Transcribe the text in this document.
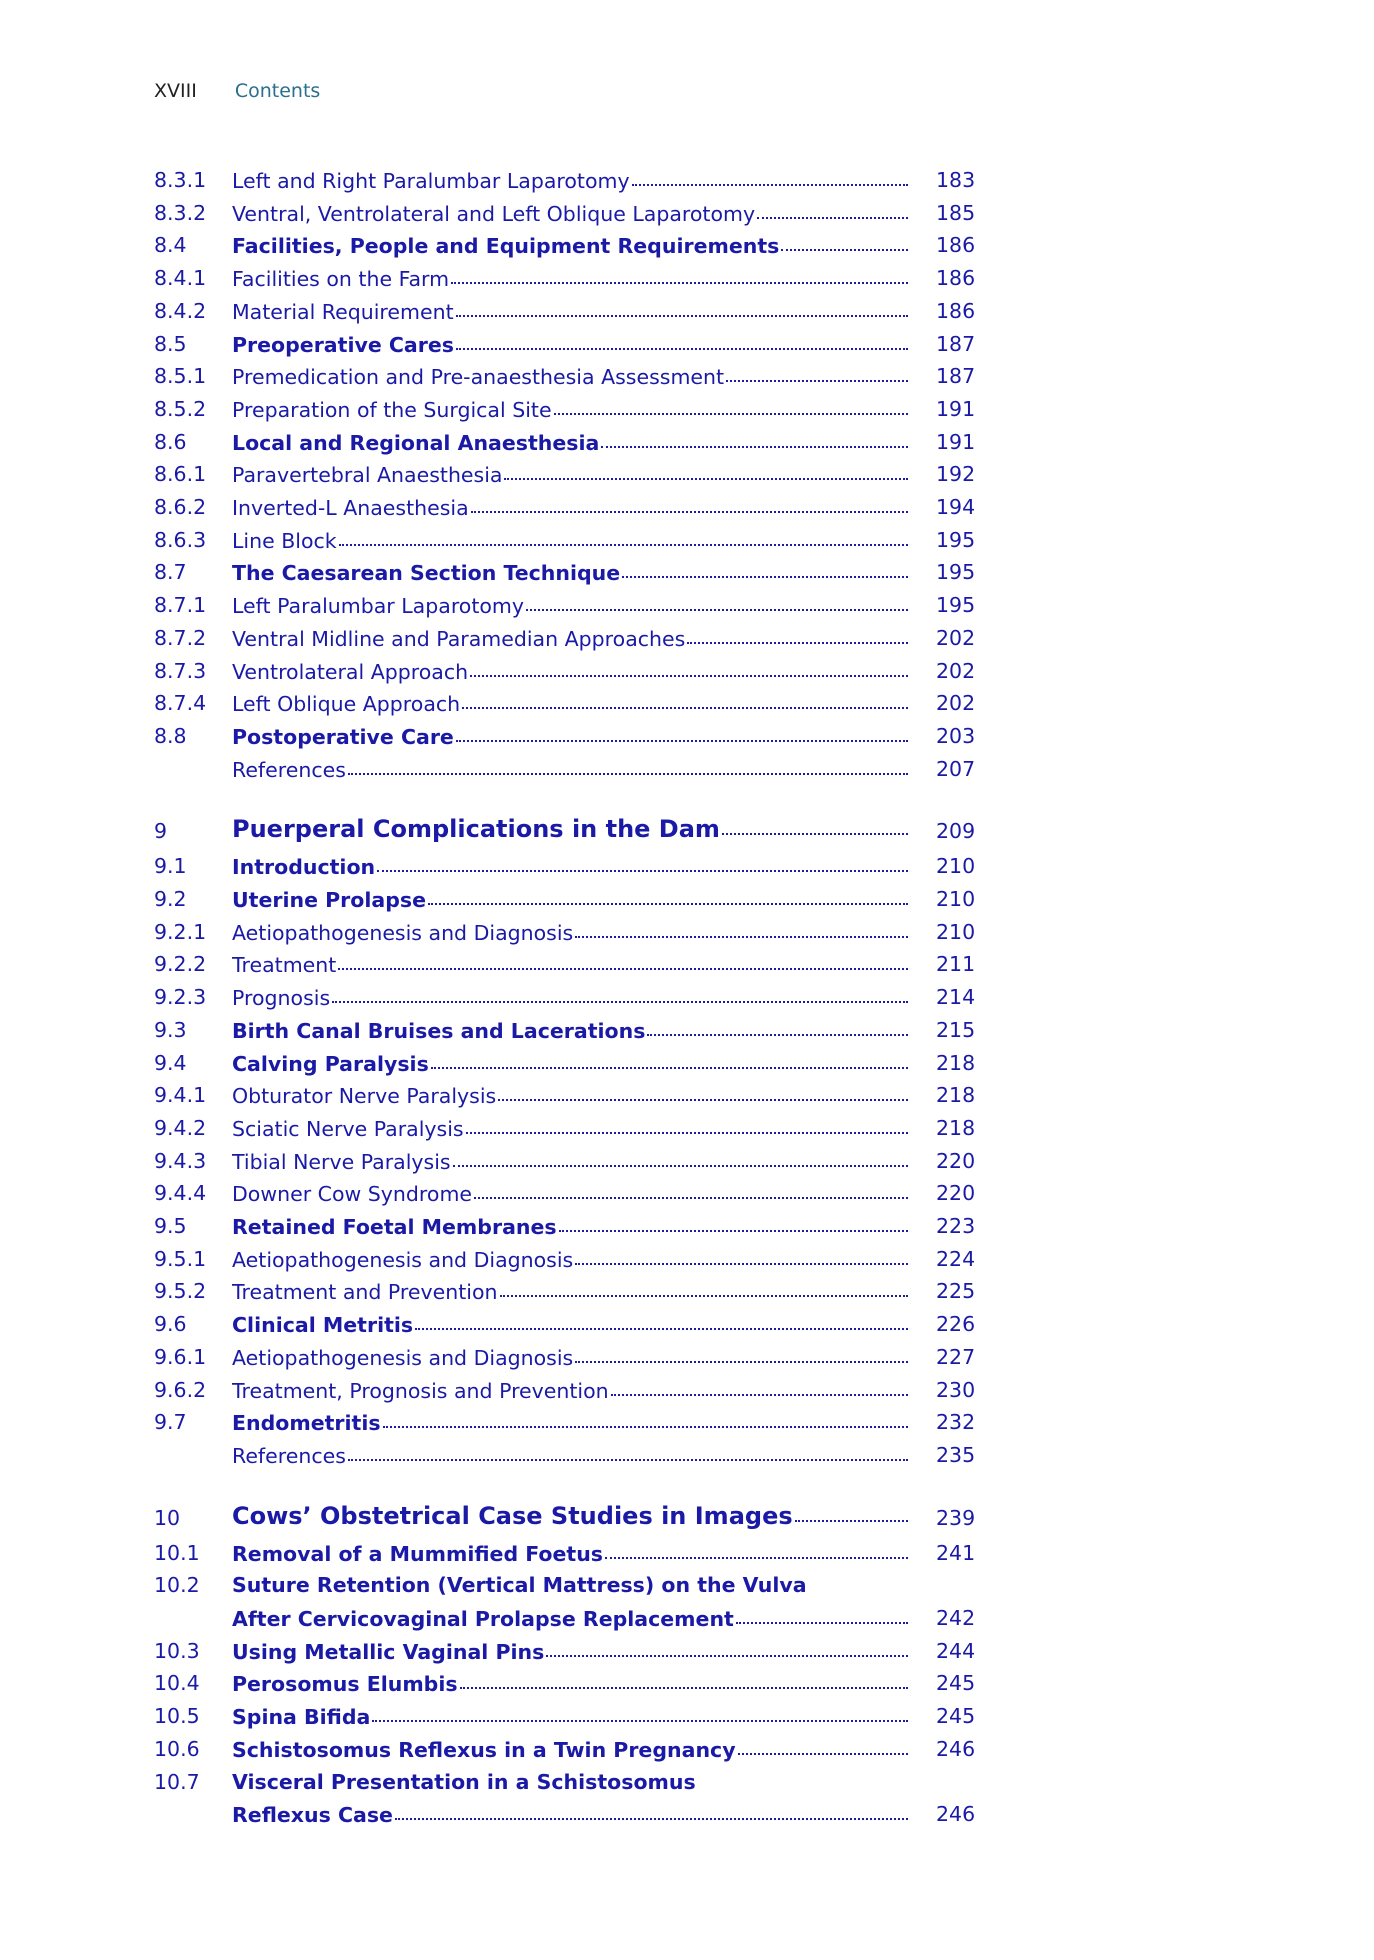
XVIII Contents
8.3.1 Left and Right Paralumbar Laparotomy	183
8.3.2 Ventral, Ventrolateral and Left Oblique Laparotomy	185
8.4 Facilities, People and Equipment Requirements	186
8.4.1 Facilities on the Farm	186
8.4.2 Material Requirement	186
8.5 Preoperative Cares	187
8.5.1 Premedication and Pre-anaesthesia Assessment	187
8.5.2 Preparation of the Surgical Site	191
8.6 Local and Regional Anaesthesia	191
8.6.1 Paravertebral Anaesthesia	192
8.6.2 Inverted-L Anaesthesia	194
8.6.3 Line Block	195
8.7 The Caesarean Section Technique	195
8.7.1 Left Paralumbar Laparotomy	195
8.7.2 Ventral Midline and Paramedian Approaches	202
8.7.3 Ventrolateral Approach	202
8.7.4 Left Oblique Approach	202
8.8 Postoperative Care	203
References	207
9	Puerperal Complications in the Dam	209
9.1 Introduction	210
9.2 Uterine Prolapse	210
9.2.1 Aetiopathogenesis and Diagnosis	210
9.2.2 Treatment	211
9.2.3 Prognosis	214
9.3 Birth Canal Bruises and Lacerations	215
9.4 Calving Paralysis	218
9.4.1 Obturator Nerve Paralysis	218
9.4.2 Sciatic Nerve Paralysis	218
9.4.3 Tibial Nerve Paralysis	220
9.4.4 Downer Cow Syndrome	220
9.5 Retained Foetal Membranes	223
9.5.1 Aetiopathogenesis and Diagnosis	224
9.5.2 Treatment and Prevention	225
9.6 Clinical Metritis	226
9.6.1 Aetiopathogenesis and Diagnosis	227
9.6.2 Treatment, Prognosis and Prevention	230
9.7 Endometritis	232
References	235
10 Cows’ Obstetrical Case Studies in Images	239
10.1 Removal of a Mummified Foetus	241
10.2 Suture Retention (Vertical Mattress) on the Vulva
After Cervicovaginal Prolapse Replacement	242
10.3 Using Metallic Vaginal Pins	244
10.4 Perosomus Elumbis	245
10.5 Spina Bifida	245
10.6 Schistosomus Reflexus in a Twin Pregnancy	246
10.7 Visceral Presentation in a Schistosomus
Reflexus Case	246
